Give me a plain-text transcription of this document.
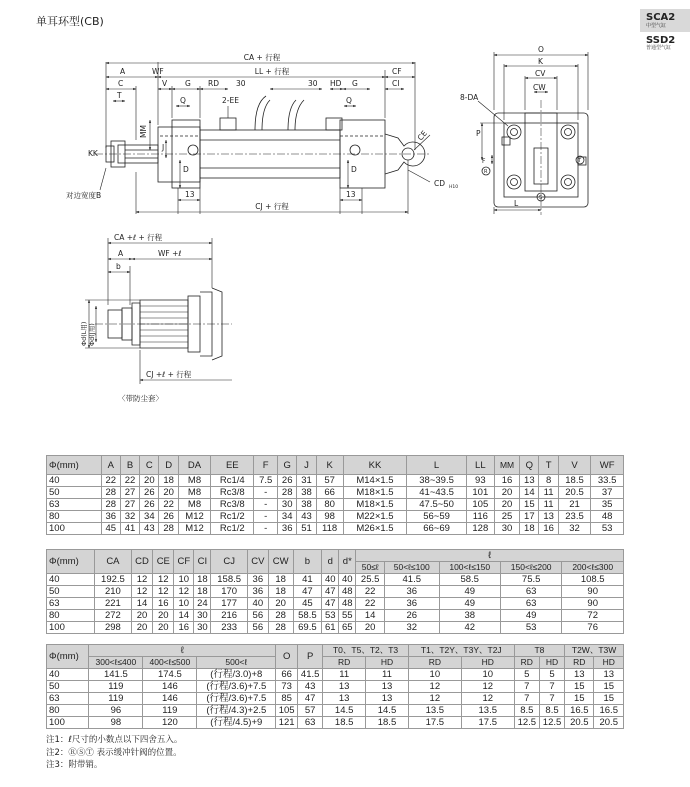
单耳环型(CB)	SCA2
中型气缸
SSD2
普通型气缸
CA + 行程
A	WF	LL + 行程	CF
C	V G RD 30	30 HD G	CI
T
Q	2-EE	Q
MM
J
D	D
CE
KK
对边宽度B
CD H10
13	13
CJ + 行程
O
K
CV
CW
8-DA
P
F
L
R
T
S
CA +ℓ + 行程
A	WF +ℓ
b
Φd(L用) Φd(J用)
CJ +ℓ + 行程
〈带防尘套〉
Φ(mm)	A	B	C	D	DA	EE	F	G	J	K	KK	L	LL	MM	Q	T	V	WF
40	22	22	20	18	M8	Rc1/4	7.5	26	31	57	M14×1.5	38~39.5	93	16	13	8	18.5	33.5
50	28	27	26	20	M8	Rc3/8	-	28	38	66	M18×1.5	41~43.5	101	20	14	11	20.5	37
63	28	27	26	22	M8	Rc3/8	-	30	38	80	M18×1.5	47.5~50	105	20	15	11	21	35
80	36	32	34	26	M12	Rc1/2	-	34	43	98	M22×1.5	56~59	116	25	17	13	23.5	48
100	45	41	43	28	M12	Rc1/2	-	36	51	118	M26×1.5	66~69	128	30	18	16	32	53
Φ(mm)	CA	CD	CE	CF	CI	CJ	CV	CW	b	d	d*	ℓ				
												50≤ℓ	50<ℓ≤100	100<ℓ≤150	150<ℓ≤200	200<ℓ≤300
40	192.5	12	12	10	18	158.5	36	18	41	40	40	25.5	41.5	58.5	75.5	108.5
50	210	12	12	12	18	170	36	18	47	47	48	22	36	49	63	90
63	221	14	16	10	24	177	40	20	45	47	48	22	36	49	63	90
80	272	20	20	14	30	216	56	28	58.5	53	55	14	26	38	49	72
100	298	20	20	16	30	233	56	28	69.5	61	65	20	32	42	53	76
Φ(mm)	ℓ			O	P	T0、T5、T2、T3		T1、T2Y、T3Y、T2J		T8		T2W、T3W	
	300<ℓ≤400	400<ℓ≤500	500<ℓ			RD	HD	RD	HD	RD	HD	RD	HD
40	141.5	174.5	(行程/3.0)+8	66	41.5	11	11	10	10	5	5	13	13
50	119	146	(行程/3.6)+7.5	73	43	13	13	12	12	7	7	15	15
63	119	146	(行程/3.6)+7.5	85	47	13	13	12	12	7	7	15	15
80	96	119	(行程/4.3)+2.5	105	57	14.5	14.5	13.5	13.5	8.5	8.5	16.5	16.5
100	98	120	(行程/4.5)+9	121	63	18.5	18.5	17.5	17.5	12.5	12.5	20.5	20.5
注1：ℓ尺寸的小数点以下四舍五入。
注2：ⓇⓈⓉ 表示缓冲针阀的位置。
注3：附带销。
